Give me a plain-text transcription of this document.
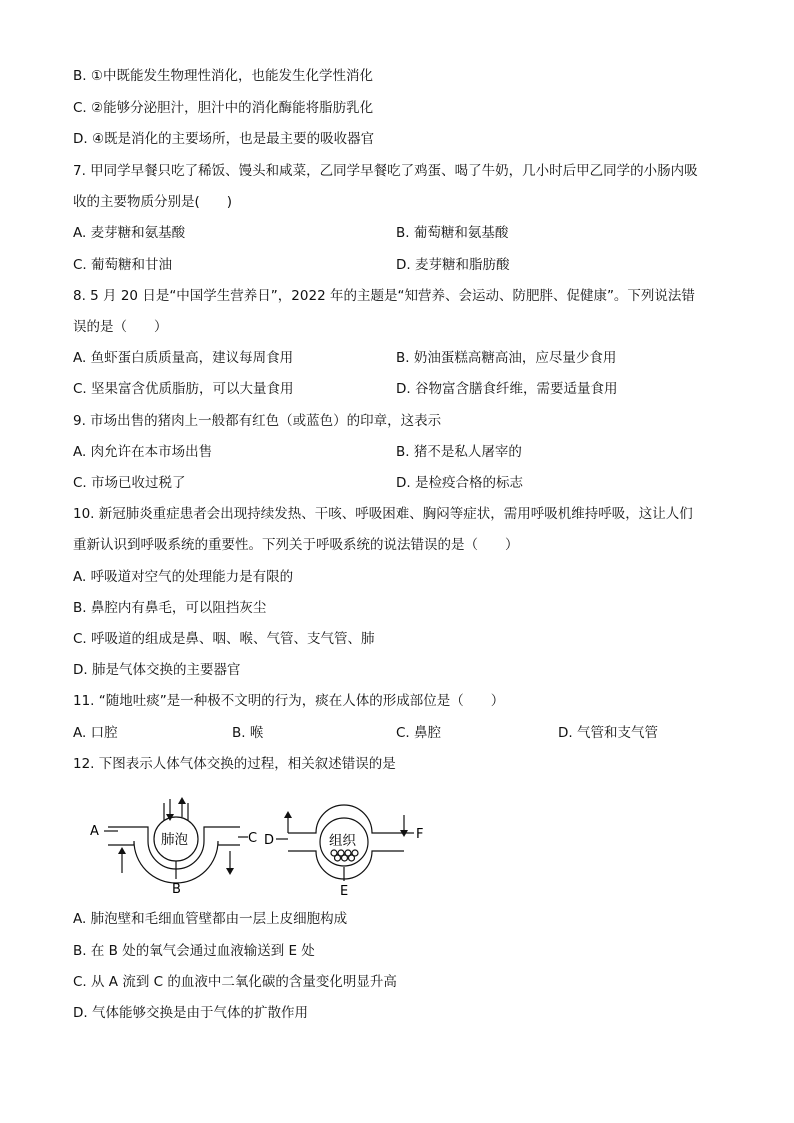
B. ①中既能发生物理性消化，也能发生化学性消化
C. ②能够分泌胆汁，胆汁中的消化酶能将脂肪乳化
D. ④既是消化的主要场所，也是最主要的吸收器官
7. 甲同学早餐只吃了稀饭、馒头和咸菜，乙同学早餐吃了鸡蛋、喝了牛奶，几小时后甲乙同学的小肠内吸
收的主要物质分别是(　　)
A. 麦芽糖和氨基酸	B. 葡萄糖和氨基酸
C. 葡萄糖和甘油	D. 麦芽糖和脂肪酸
8. 5 月 20 日是“中国学生营养日”，2022 年的主题是“知营养、会运动、防肥胖、促健康”。下列说法错
误的是（　　）
A. 鱼虾蛋白质质量高，建议每周食用	B. 奶油蛋糕高糖高油，应尽量少食用
C. 坚果富含优质脂肪，可以大量食用	D. 谷物富含膳食纤维，需要适量食用
9. 市场出售的猪肉上一般都有红色（或蓝色）的印章，这表示
A. 肉允许在本市场出售	B. 猪不是私人屠宰的
C. 市场已收过税了	D. 是检疫合格的标志
10. 新冠肺炎重症患者会出现持续发热、干咳、呼吸困难、胸闷等症状，需用呼吸机维持呼吸，这让人们
重新认识到呼吸系统的重要性。下列关于呼吸系统的说法错误的是（　　）
A. 呼吸道对空气的处理能力是有限的
B. 鼻腔内有鼻毛，可以阻挡灰尘
C. 呼吸道的组成是鼻、咽、喉、气管、支气管、肺
D. 肺是气体交换的主要器官
11. “随地吐痰”是一种极不文明的行为，痰在人体的形成部位是（　　）
A. 口腔	B. 喉	C. 鼻腔	D. 气管和支气管
12. 下图表示人体气体交换的过程，相关叙述错误的是
A
B
C D
E
F
肺泡	组织
A. 肺泡壁和毛细血管壁都由一层上皮细胞构成
B. 在 B 处的氧气会通过血液输送到 E 处
C. 从 A 流到 C 的血液中二氧化碳的含量变化明显升高
D. 气体能够交换是由于气体的扩散作用
